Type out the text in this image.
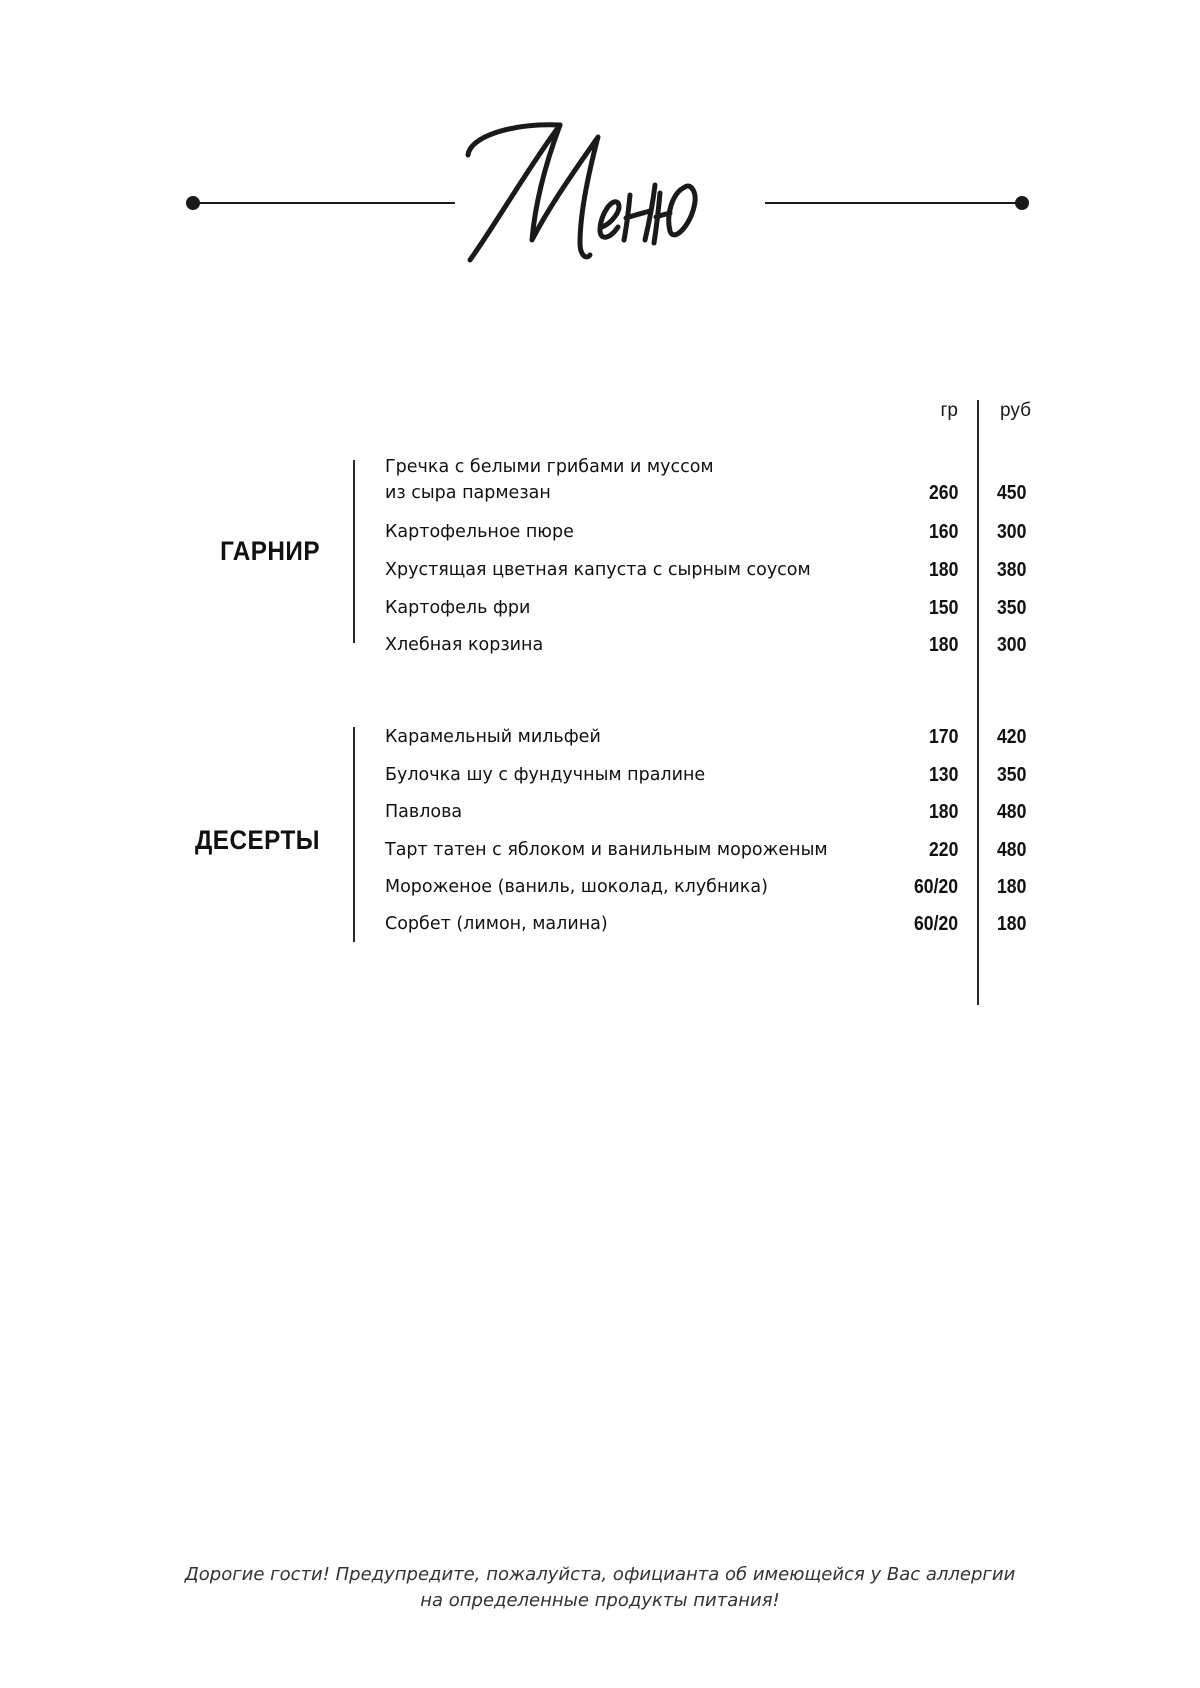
гр руб
ГАРНИР
Гречка с белыми грибами и муссом
из сыра пармезан	260 450
Картофельное пюре	160 300
Хрустящая цветная капуста с сырным соусом	180 380
Картофель фри	150 350
Хлебная корзина	180 300
ДЕСЕРТЫ
Карамельный мильфей	170 420
Булочка шу с фундучным пралине	130 350
Павлова	180 480
Тарт татен с яблоком и ванильным мороженым	220 480
Мороженое (ваниль, шоколад, клубника)	60/20 180
Сорбет (лимон, малина)	60/20 180
Дорогие гости! Предупредите, пожалуйста, официанта об имеющейся у Вас аллергии
на определенные продукты питания!
